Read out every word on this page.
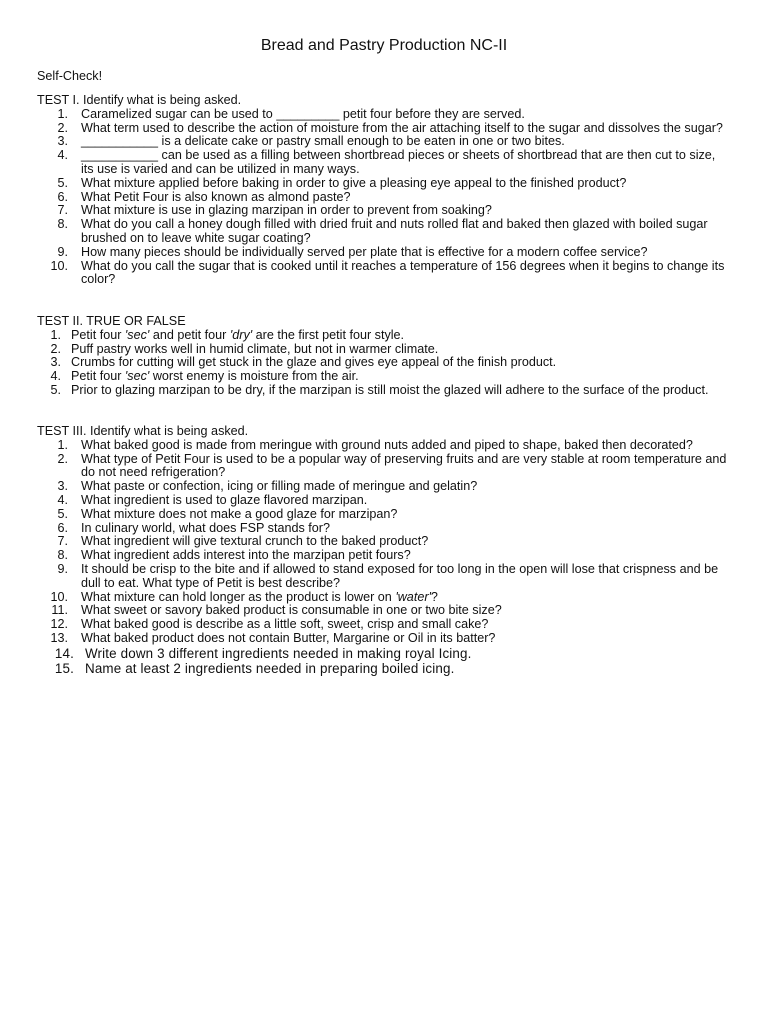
Bread and Pastry Production NC-II
Self-Check!
TEST I. Identify what is being asked.
1. Caramelized sugar can be used to _________ petit four before they are served.
2. What term used to describe the action of moisture from the air attaching itself to the sugar and dissolves the sugar?
3. ___________ is a delicate cake or pastry small enough to be eaten in one or two bites.
4. ___________ can be used as a filling between shortbread pieces or sheets of shortbread that are then cut to size, its use is varied and can be utilized in many ways.
5. What mixture applied before baking in order to give a pleasing eye appeal to the finished product?
6. What Petit Four is also known as almond paste?
7. What mixture is use in glazing marzipan in order to prevent from soaking?
8. What do you call a honey dough filled with dried fruit and nuts rolled flat and baked then glazed with boiled sugar brushed on to leave white sugar coating?
9. How many pieces should be individually served per plate that is effective for a modern coffee service?
10. What do you call the sugar that is cooked until it reaches a temperature of 156 degrees when it begins to change its color?
TEST II. TRUE OR FALSE
1. Petit four 'sec' and petit four 'dry' are the first petit four style.
2. Puff pastry works well in humid climate, but not in warmer climate.
3. Crumbs for cutting will get stuck in the glaze and gives eye appeal of the finish product.
4. Petit four 'sec' worst enemy is moisture from the air.
5. Prior to glazing marzipan to be dry, if the marzipan is still moist the glazed will adhere to the surface of the product.
TEST III. Identify what is being asked.
1. What baked good is made from meringue with ground nuts added and piped to shape, baked then decorated?
2. What type of Petit Four is used to be a popular way of preserving fruits and are very stable at room temperature and do not need refrigeration?
3. What paste or confection, icing or filling made of meringue and gelatin?
4. What ingredient is used to glaze flavored marzipan.
5. What mixture does not make a good glaze for marzipan?
6. In culinary world, what does FSP stands for?
7. What ingredient will give textural crunch to the baked product?
8. What ingredient adds interest into the marzipan petit fours?
9. It should be crisp to the bite and if allowed to stand exposed for too long in the open will lose that crispness and be dull to eat. What type of Petit is best describe?
10. What mixture can hold longer as the product is lower on 'water'?
11. What sweet or savory baked product is consumable in one or two bite size?
12. What baked good is describe as a little soft, sweet, crisp and small cake?
13. What baked product does not contain Butter, Margarine or Oil in its batter?
14. Write down 3 different ingredients needed in making royal Icing.
15. Name at least 2 ingredients needed in preparing boiled icing.
